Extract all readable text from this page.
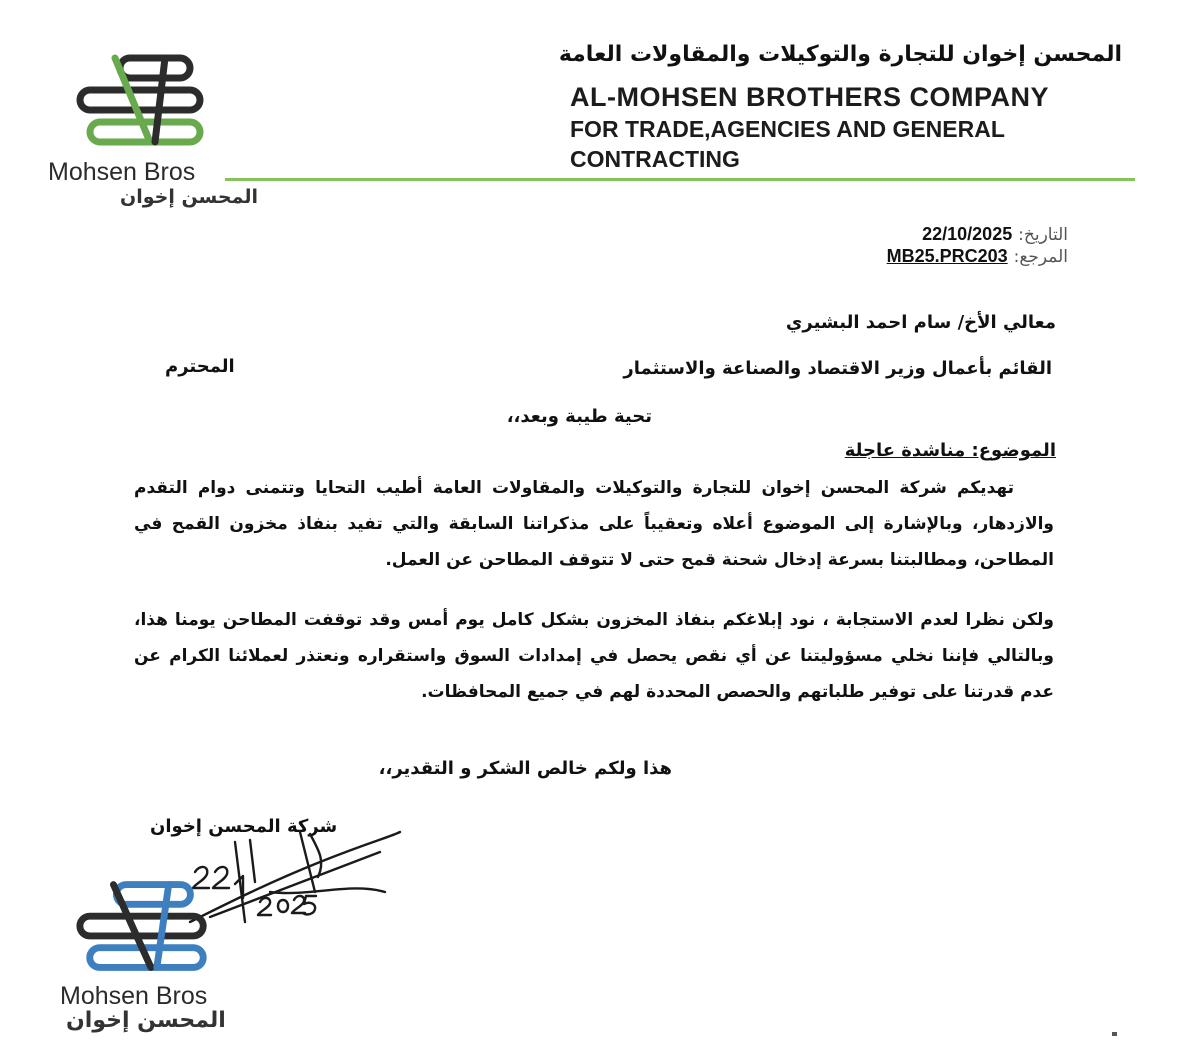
Mohsen Bros
المحسن إخوان
المحسن إخوان للتجارة والتوكيلات والمقاولات العامة
AL-MOHSEN BROTHERS COMPANY
FOR TRADE,AGENCIES AND GENERAL
CONTRACTING
التاريخ: 22/10/2025
المرجع: MB25.PRC203
معالي الأخ/ سام احمد البشيري
القائم بأعمال وزير الاقتصاد والصناعة والاستثمار
المحترم
تحية طيبة وبعد،،
الموضوع: مناشدة عاجلة
تهديكم شركة المحسن إخوان للتجارة والتوكيلات والمقاولات العامة أطيب التحايا وتتمنى دوام التقدم والازدهار، وبالإشارة إلى الموضوع أعلاه وتعقيباً على مذكراتنا السابقة والتي تفيد بنفاذ مخزون القمح في المطاحن، ومطالبتنا بسرعة إدخال شحنة قمح حتى لا تتوقف المطاحن عن العمل.
ولكن نظرا لعدم الاستجابة ، نود إبلاغكم بنفاذ المخزون بشكل كامل يوم أمس وقد توقفت المطاحن يومنا هذا، وبالتالي فإننا نخلي مسؤوليتنا عن أي نقص يحصل في إمدادات السوق واستقراره ونعتذر لعملائنا الكرام عن عدم قدرتنا على توفير طلباتهم والحصص المحددة لهم في جميع المحافظات.
هذا ولكم خالص الشكر و التقدير،،
شركة المحسن إخوان
Mohsen Bros
المحسن إخوان
